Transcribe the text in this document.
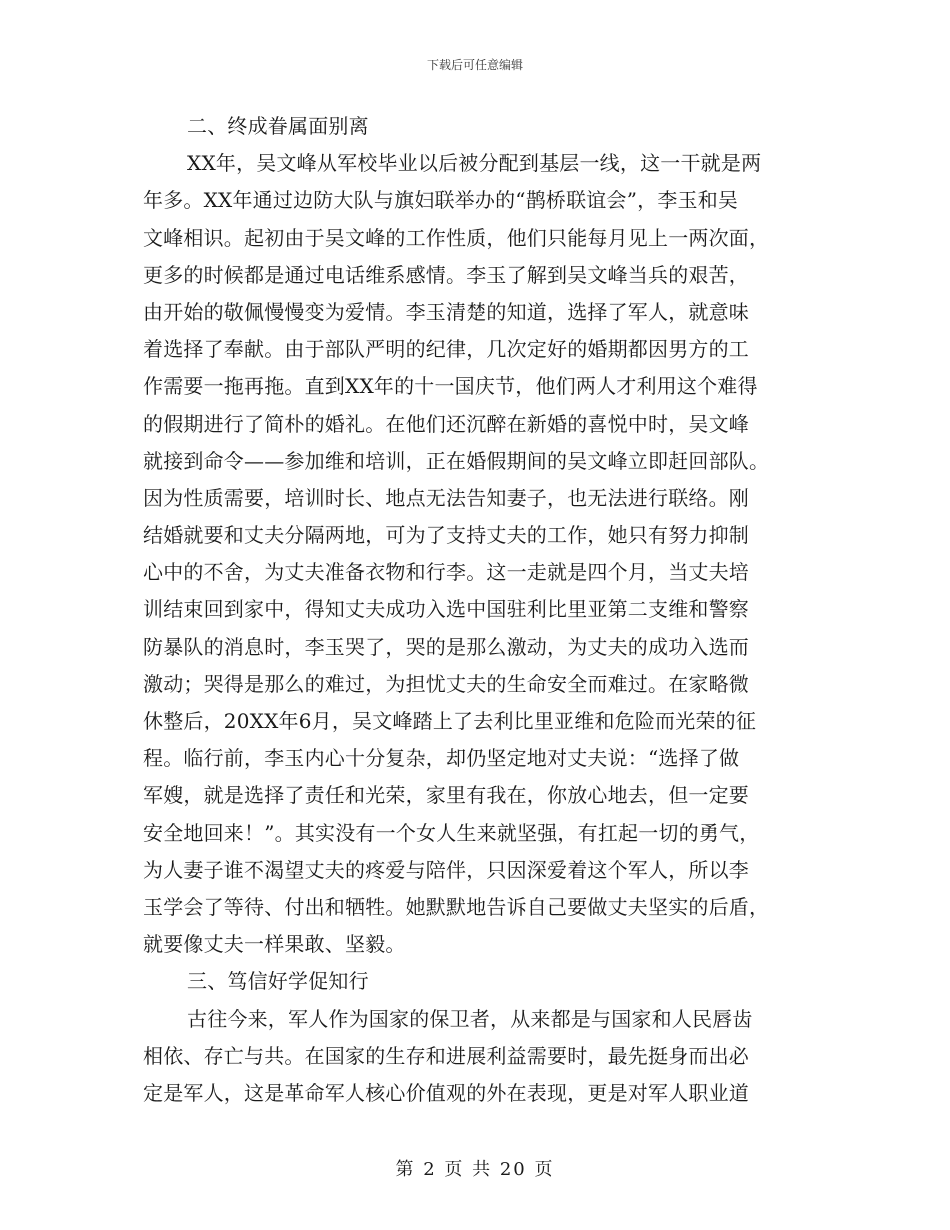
下载后可任意编辑
二、终成眷属面别离
XX年，吴文峰从军校毕业以后被分配到基层一线，这一干就是两
年多。XX年通过边防大队与旗妇联举办的“鹊桥联谊会”，李玉和吴
文峰相识。起初由于吴文峰的工作性质，他们只能每月见上一两次面，
更多的时候都是通过电话维系感情。李玉了解到吴文峰当兵的艰苦，
由开始的敬佩慢慢变为爱情。李玉清楚的知道，选择了军人，就意味
着选择了奉献。由于部队严明的纪律，几次定好的婚期都因男方的工
作需要一拖再拖。直到XX年的十一国庆节，他们两人才利用这个难得
的假期进行了简朴的婚礼。在他们还沉醉在新婚的喜悦中时，吴文峰
就接到命令——参加维和培训，正在婚假期间的吴文峰立即赶回部队。
因为性质需要，培训时长、地点无法告知妻子，也无法进行联络。刚
结婚就要和丈夫分隔两地，可为了支持丈夫的工作，她只有努力抑制
心中的不舍，为丈夫准备衣物和行李。这一走就是四个月，当丈夫培
训结束回到家中，得知丈夫成功入选中国驻利比里亚第二支维和警察
防暴队的消息时，李玉哭了，哭的是那么激动，为丈夫的成功入选而
激动；哭得是那么的难过，为担忧丈夫的生命安全而难过。在家略微
休整后，20XX年6月，吴文峰踏上了去利比里亚维和危险而光荣的征
程。临行前，李玉内心十分复杂，却仍坚定地对丈夫说：“选择了做
军嫂，就是选择了责任和光荣，家里有我在，你放心地去，但一定要
安全地回来！”。其实没有一个女人生来就坚强，有扛起一切的勇气，
为人妻子谁不渴望丈夫的疼爱与陪伴，只因深爱着这个军人，所以李
玉学会了等待、付出和牺牲。她默默地告诉自己要做丈夫坚实的后盾，
就要像丈夫一样果敢、坚毅。
三、笃信好学促知行
古往今来，军人作为国家的保卫者，从来都是与国家和人民唇齿
相依、存亡与共。在国家的生存和进展利益需要时，最先挺身而出必
定是军人，这是革命军人核心价值观的外在表现，更是对军人职业道
第 2 页 共 20 页
